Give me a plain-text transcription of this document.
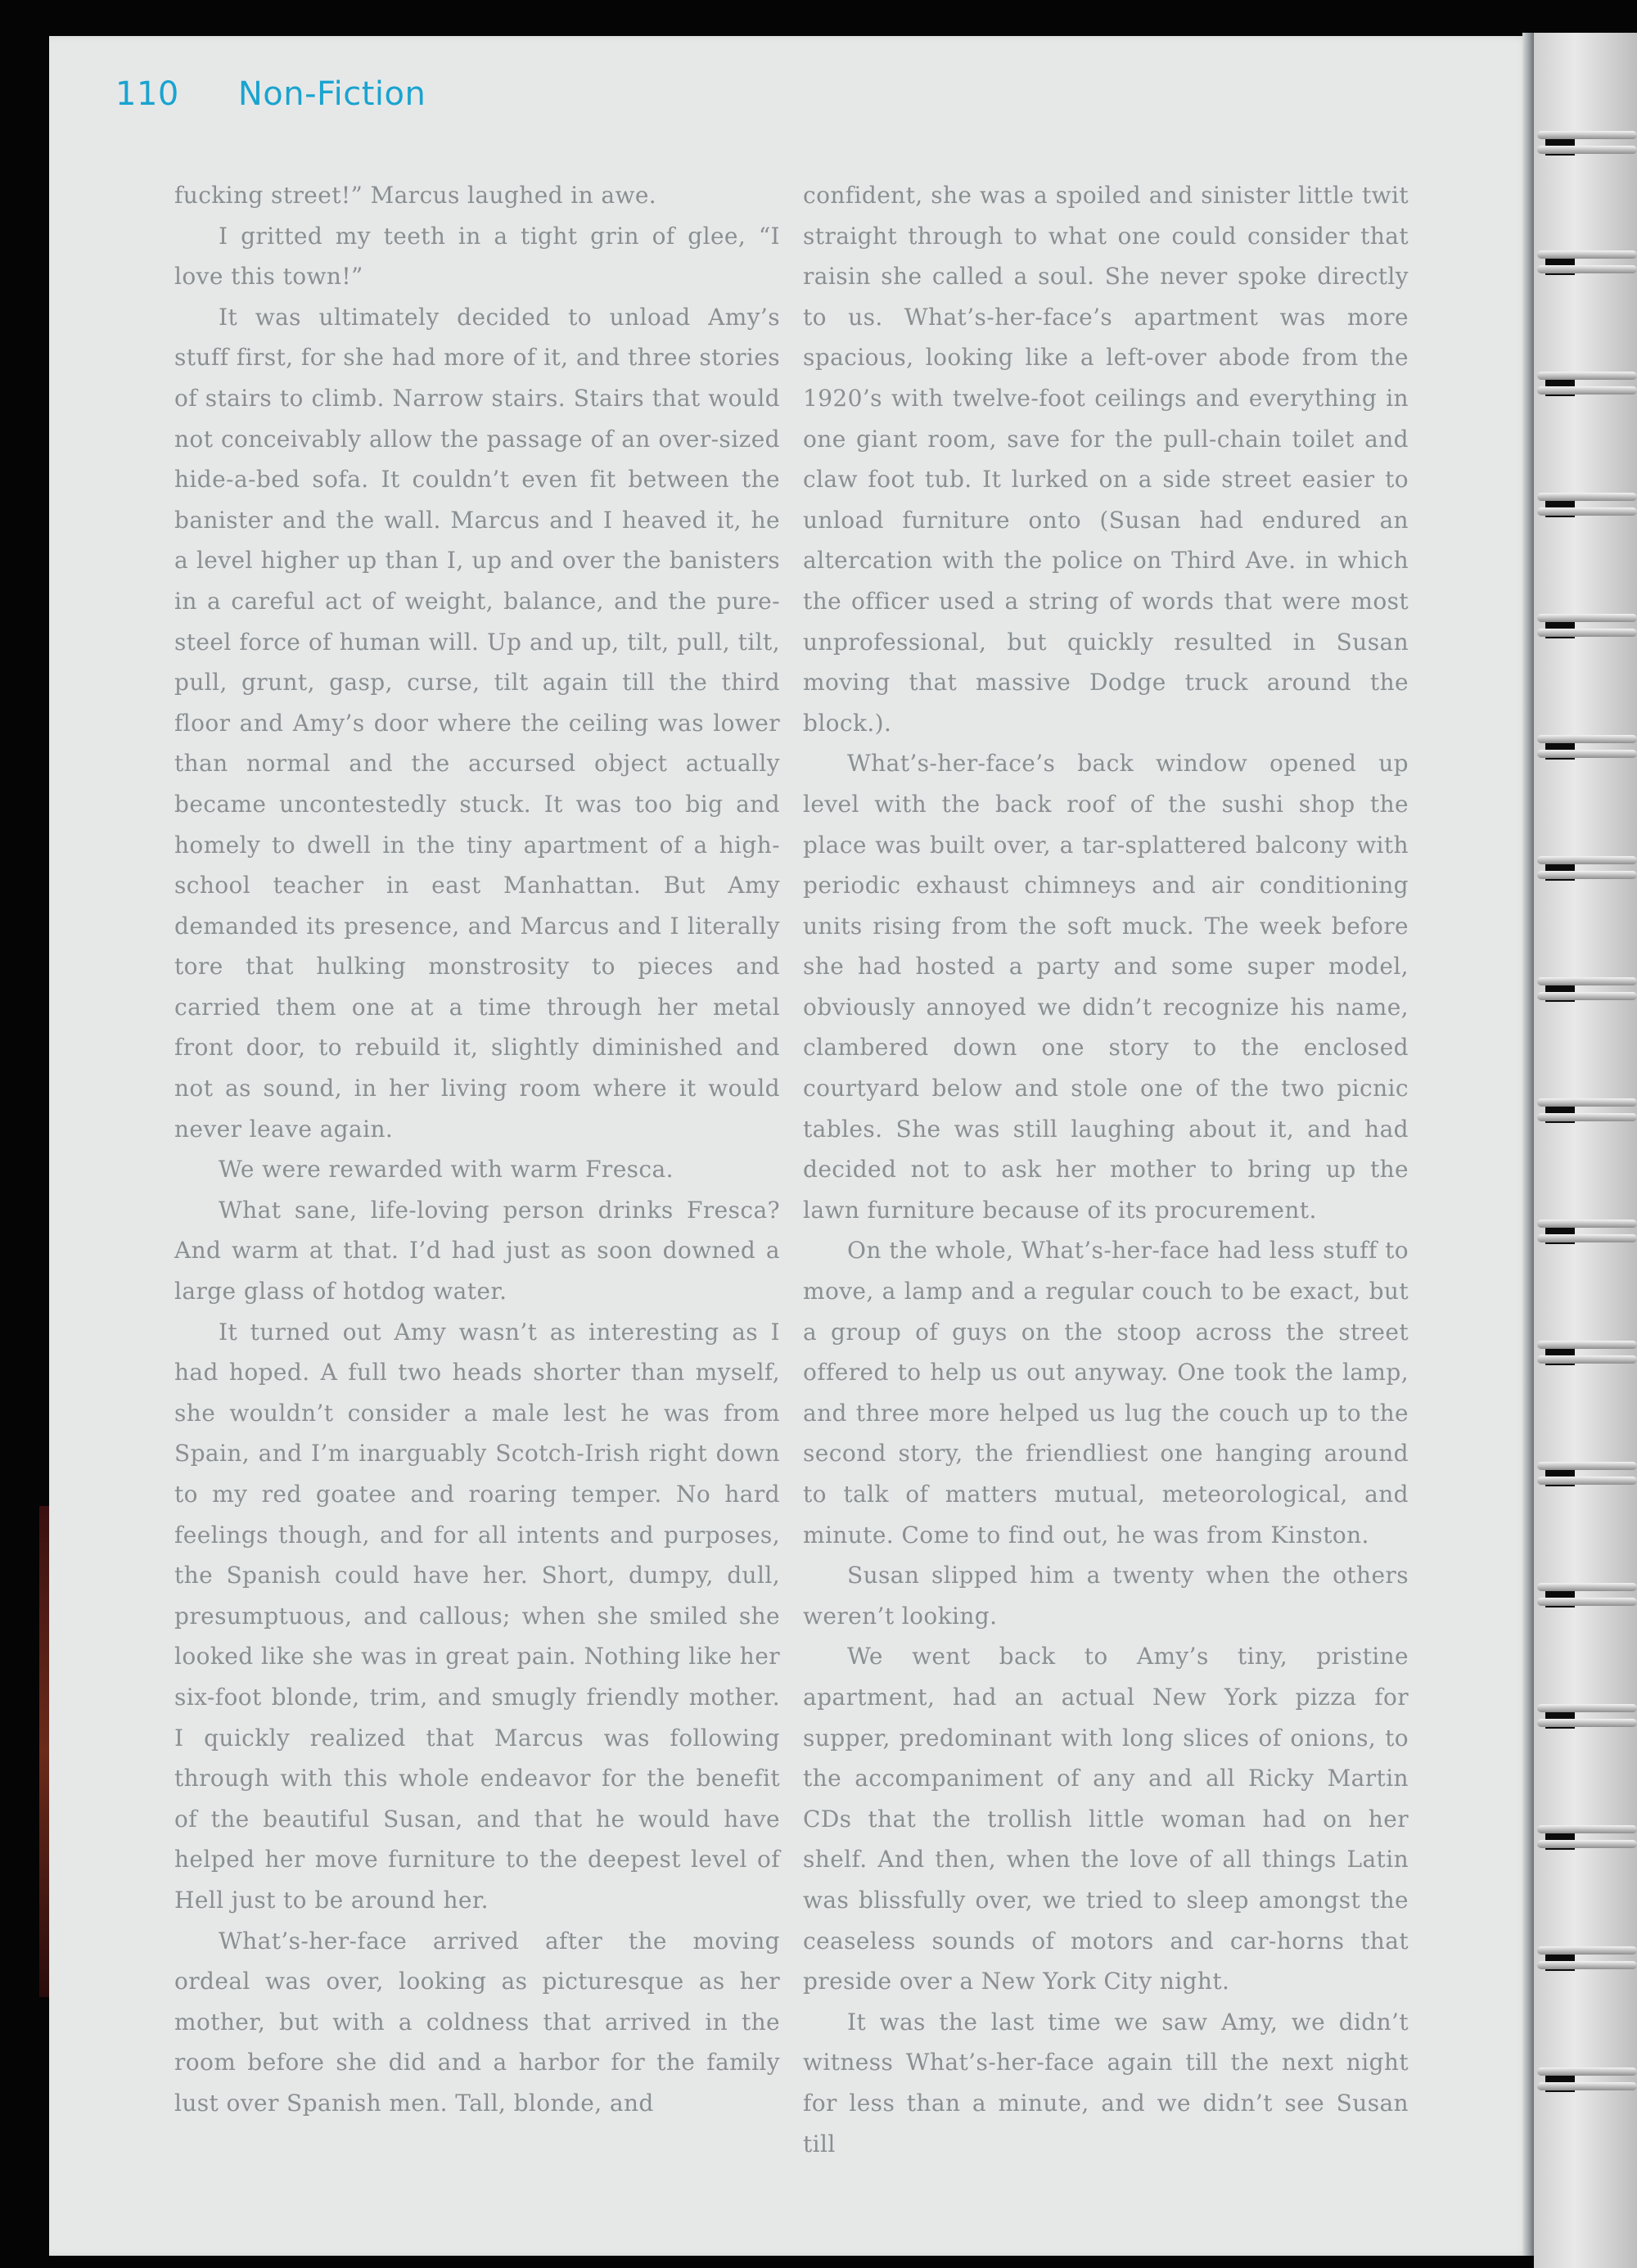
110 Non-Fiction

fucking street!” Marcus laughed in awe.

I gritted my teeth in a tight grin of glee, “I love this town!”

It was ultimately decided to unload Amy’s stuff first, for she had more of it, and three stories of stairs to climb. Narrow stairs. Stairs that would not conceivably allow the passage of an over-sized hide-a-bed sofa. It couldn’t even fit between the banister and the wall. Marcus and I heaved it, he a level higher up than I, up and over the banisters in a careful act of weight, balance, and the pure-steel force of human will. Up and up, tilt, pull, tilt, pull, grunt, gasp, curse, tilt again till the third floor and Amy’s door where the ceiling was lower than normal and the accursed object actually became uncontestedly stuck. It was too big and homely to dwell in the tiny apartment of a high-school teacher in east Manhattan. But Amy demanded its presence, and Marcus and I literally tore that hulking monstrosity to pieces and carried them one at a time through her metal front door, to rebuild it, slightly diminished and not as sound, in her living room where it would never leave again.

We were rewarded with warm Fresca.

What sane, life-loving person drinks Fresca? And warm at that. I’d had just as soon downed a large glass of hotdog water.

It turned out Amy wasn’t as interesting as I had hoped. A full two heads shorter than myself, she wouldn’t consider a male lest he was from Spain, and I’m inarguably Scotch-Irish right down to my red goatee and roaring temper. No hard feelings though, and for all intents and purposes, the Spanish could have her. Short, dumpy, dull, presumptuous, and callous; when she smiled she looked like she was in great pain. Nothing like her six-foot blonde, trim, and smugly friendly mother. I quickly realized that Marcus was following through with this whole endeavor for the benefit of the beautiful Susan, and that he would have helped her move furniture to the deepest level of Hell just to be around her.

What’s-her-face arrived after the moving ordeal was over, looking as picturesque as her mother, but with a coldness that arrived in the room before she did and a harbor for the family lust over Spanish men. Tall, blonde, and

confident, she was a spoiled and sinister little twit straight through to what one could consider that raisin she called a soul. She never spoke directly to us. What’s-her-face’s apartment was more spacious, looking like a left-over abode from the 1920’s with twelve-foot ceilings and everything in one giant room, save for the pull-chain toilet and claw foot tub. It lurked on a side street easier to unload furniture onto (Susan had endured an altercation with the police on Third Ave. in which the officer used a string of words that were most unprofessional, but quickly resulted in Susan moving that massive Dodge truck around the block.).

What’s-her-face’s back window opened up level with the back roof of the sushi shop the place was built over, a tar-splattered balcony with periodic exhaust chimneys and air conditioning units rising from the soft muck. The week before she had hosted a party and some super model, obviously annoyed we didn’t recognize his name, clambered down one story to the enclosed courtyard below and stole one of the two picnic tables. She was still laughing about it, and had decided not to ask her mother to bring up the lawn furniture because of its procurement.

On the whole, What’s-her-face had less stuff to move, a lamp and a regular couch to be exact, but a group of guys on the stoop across the street offered to help us out anyway. One took the lamp, and three more helped us lug the couch up to the second story, the friendliest one hanging around to talk of matters mutual, meteorological, and minute. Come to find out, he was from Kinston.

Susan slipped him a twenty when the others weren’t looking.

We went back to Amy’s tiny, pristine apartment, had an actual New York pizza for supper, predominant with long slices of onions, to the accompaniment of any and all Ricky Martin CDs that the trollish little woman had on her shelf. And then, when the love of all things Latin was blissfully over, we tried to sleep amongst the ceaseless sounds of motors and car-horns that preside over a New York City night.

It was the last time we saw Amy, we didn’t witness What’s-her-face again till the next night for less than a minute, and we didn’t see Susan till
